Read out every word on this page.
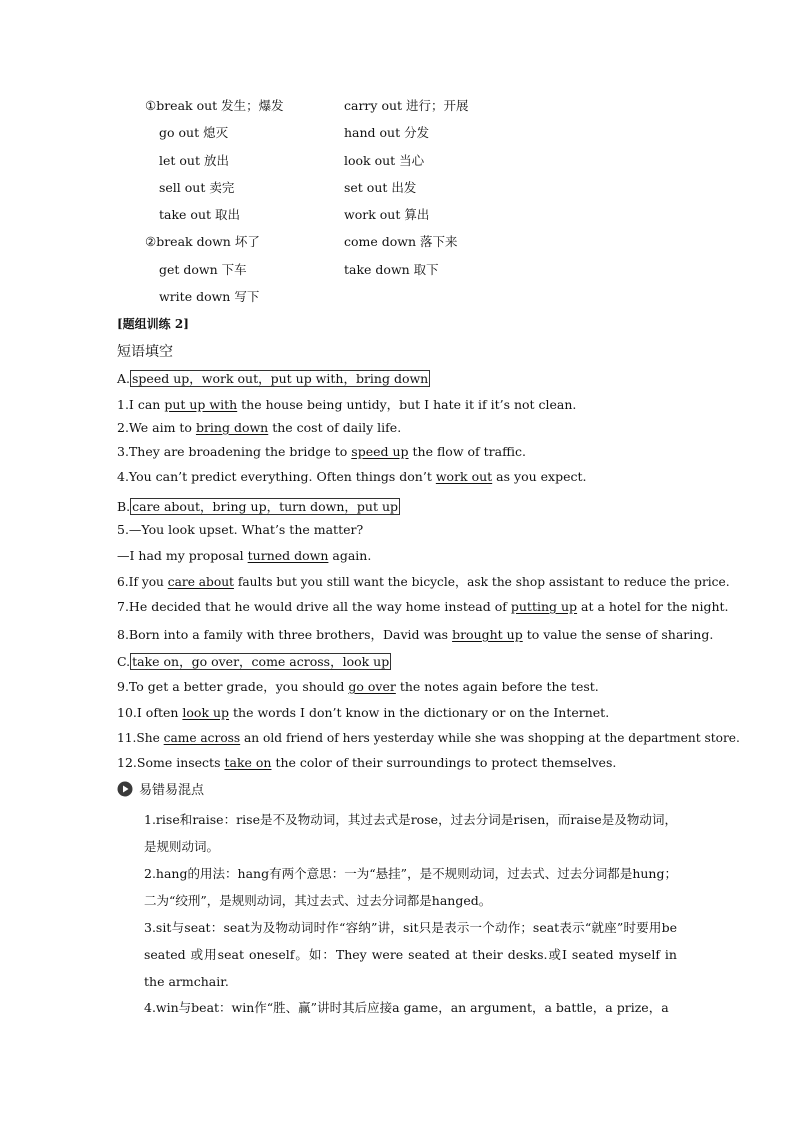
①break out 发生；爆发	carry out 进行；开展
go out 熄灭	hand out 分发
let out 放出	look out 当心
sell out 卖完	set out 出发
take out 取出	work out 算出
②break down 坏了	come down 落下来
get down 下车	take down 取下
write down 写下
[题组训练 2]
短语填空
A. speed up，work out，put up with，bring down
1.I can put up with the house being untidy，but I hate it if it’s not clean.
2.We aim to bring down the cost of daily life.
3.They are broadening the bridge to speed up the flow of traffic.
4.You can’t predict everything. Often things don’t work out as you expect.
B. care about，bring up，turn down，put up
5.—You look upset. What’s the matter?
—I had my proposal turned down again.
6.If you care about faults but you still want the bicycle，ask the shop assistant to reduce the price.
7.He decided that he would drive all the way home instead of putting up at a hotel for the night.
8.Born into a family with three brothers，David was brought up to value the sense of sharing.
C. take on，go over，come across，look up
9.To get a better grade，you should go over the notes again before the test.
10.I often look up the words I don’t know in the dictionary or on the Internet.
11.She came across an old friend of hers yesterday while she was shopping at the department store.
12.Some insects take on the color of their surroundings to protect themselves.
易错易混点
1.rise和raise：rise是不及物动词，其过去式是rose，过去分词是risen，而raise是及物动词，是规则动词。
2.hang的用法：hang有两个意思：一为“悬挂”，是不规则动词，过去式、过去分词都是hung；二为“绞刑”，是规则动词，其过去式、过去分词都是hanged。
3.sit与seat：seat为及物动词时作“容纳”讲，sit只是表示一个动作；seat表示“就座”时要用be seated 或用seat oneself。如：They were seated at their desks.或I seated myself in the armchair.
4.win与beat：win作“胜、赢”讲时其后应接a game，an argument，a battle，a prize，a
